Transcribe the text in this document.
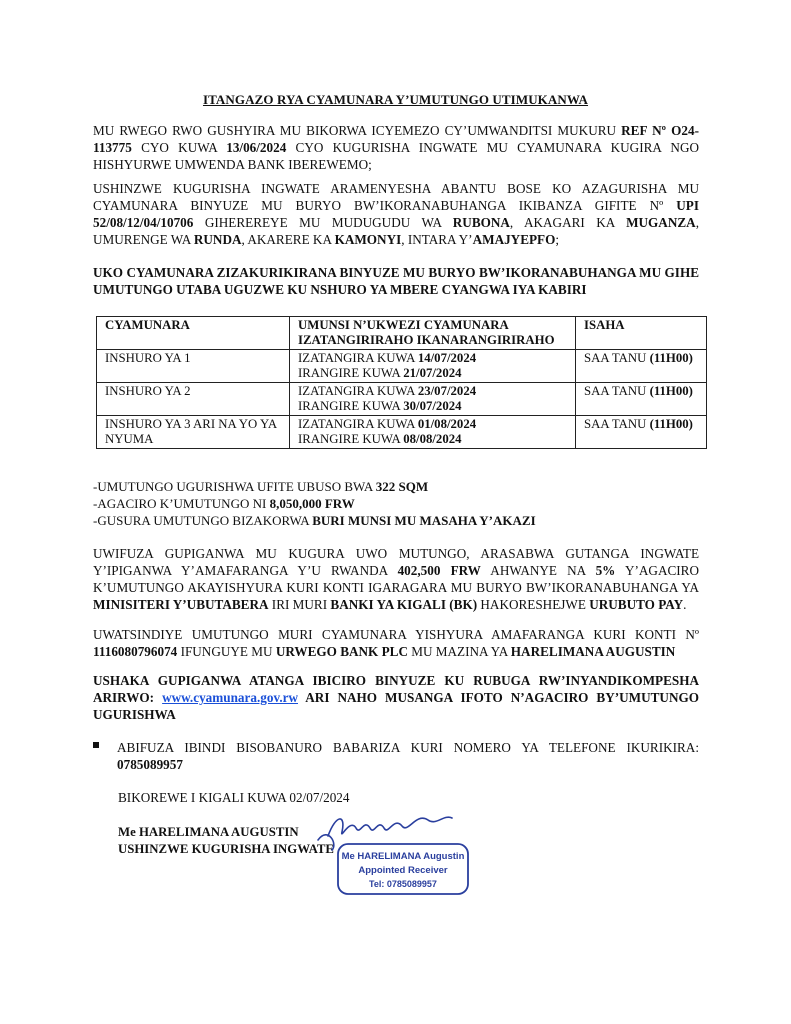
ITANGAZO RYA CYAMUNARA Y’UMUTUNGO UTIMUKANWA
MU RWEGO RWO GUSHYIRA MU BIKORWA ICYEMEZO CY’UMWANDITSI MUKURU REF Nº O24-113775 CYO KUWA 13/06/2024 CYO KUGURISHA INGWATE MU CYAMUNARA KUGIRA NGO HISHYURWE UMWENDA BANK IBEREWEMO;
USHINZWE KUGURISHA INGWATE ARAMENYESHA ABANTU BOSE KO AZAGURISHA MU CYAMUNARA BINYUZE MU BURYO BW’IKORANABUHANGA IKIBANZA GIFITE Nº UPI 52/08/12/04/10706 GIHEREREYE MU MUDUGUDU WA RUBONA, AKAGARI KA MUGANZA, UMURENGE WA RUNDA, AKARERE KA KAMONYI, INTARA Y’AMAJYEPFO;
UKO CYAMUNARA ZIZAKURIKIRANA BINYUZE MU BURYO BW’IKORANABUHANGA MU GIHE UMUTUNGO UTABA UGUZWE KU NSHURO YA MBERE CYANGWA IYA KABIRI
CYAMUNARA	UMUNSI N’UKWEZI CYAMUNARA IZATANGIRIRAHO IKANARANGIRIRAHO	ISAHA
INSHURO YA 1	IZATANGIRA KUWA 14/07/2024
IRANGIRE KUWA 21/07/2024	SAA TANU (11H00)
INSHURO YA 2	IZATANGIRA KUWA 23/07/2024
IRANGIRE KUWA 30/07/2024	SAA TANU (11H00)
INSHURO YA 3 ARI NA YO YA NYUMA	IZATANGIRA KUWA 01/08/2024
IRANGIRE KUWA 08/08/2024	SAA TANU (11H00)
-UMUTUNGO UGURISHWA UFITE UBUSO BWA 322 SQM
-AGACIRO K’UMUTUNGO NI 8,050,000 FRW
-GUSURA UMUTUNGO BIZAKORWA BURI MUNSI MU MASAHA Y’AKAZI
UWIFUZA GUPIGANWA MU KUGURA UWO MUTUNGO, ARASABWA GUTANGA INGWATE Y’IPIGANWA Y’AMAFARANGA Y’U RWANDA 402,500 FRW AHWANYE NA 5% Y’AGACIRO K’UMUTUNGO AKAYISHYURA KURI KONTI IGARAGARA MU BURYO BW’IKORANABUHANGA YA MINISITERI Y’UBUTABERA IRI MURI BANKI YA KIGALI (BK) HAKORESHEJWE URUBUTO PAY.
UWATSINDIYE UMUTUNGO MURI CYAMUNARA YISHYURA AMAFARANGA KURI KONTI Nº 1116080796074 IFUNGUYE MU URWEGO BANK PLC MU MAZINA YA HARELIMANA AUGUSTIN
USHAKA GUPIGANWA ATANGA IBICIRO BINYUZE KU RUBUGA RW’INYANDIKOMPESHA ARIRWO: www.cyamunara.gov.rw ARI NAHO MUSANGA IFOTO N’AGACIRO BY’UMUTUNGO UGURISHWA
ABIFUZA IBINDI BISOBANURO BABARIZA KURI NOMERO YA TELEFONE IKURIKIRA: 0785089957
BIKOREWE I KIGALI KUWA 02/07/2024
Me HARELIMANA AUGUSTIN
USHINZWE KUGURISHA INGWATE
Me HARELIMANA Augustin
Appointed Receiver
Tel: 0785089957
